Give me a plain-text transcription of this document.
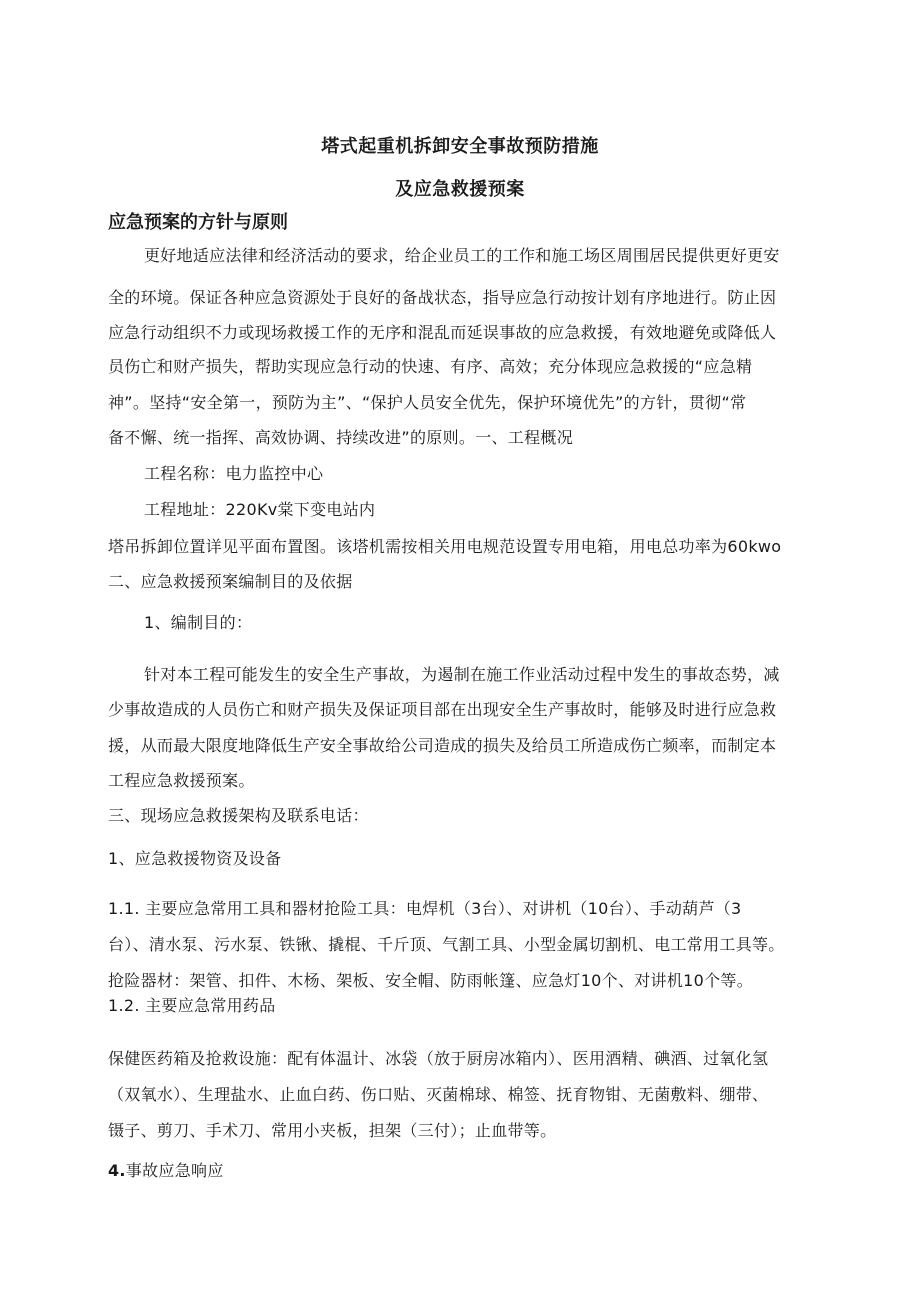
塔式起重机拆卸安全事故预防措施
及应急救援预案
应急预案的方针与原则
更好地适应法律和经济活动的要求，给企业员工的工作和施工场区周围居民提供更好更安
全的环境。保证各种应急资源处于良好的备战状态，指导应急行动按计划有序地进行。防止因
应急行动组织不力或现场救援工作的无序和混乱而延误事故的应急救援，有效地避免或降低人
员伤亡和财产损失，帮助实现应急行动的快速、有序、高效；充分体现应急救援的“应急精
神”。坚持“安全第一，预防为主”、“保护人员安全优先，保护环境优先”的方针，贯彻“常
备不懈、统一指挥、高效协调、持续改进”的原则。一、工程概况
工程名称：电力监控中心
工程地址：220Kv棠下变电站内
塔吊拆卸位置详见平面布置图。该塔机需按相关用电规范设置专用电箱，用电总功率为60kwo
二、应急救援预案编制目的及依据
1、编制目的：
针对本工程可能发生的安全生产事故，为遏制在施工作业活动过程中发生的事故态势，减
少事故造成的人员伤亡和财产损失及保证项目部在出现安全生产事故时，能够及时进行应急救
援，从而最大限度地降低生产安全事故给公司造成的损失及给员工所造成伤亡频率，而制定本
工程应急救援预案。
三、现场应急救援架构及联系电话：
1、应急救援物资及设备
1.1. 主要应急常用工具和器材抢险工具：电焊机（3台）、对讲机（10台）、手动葫芦（3
台）、清水泵、污水泵、铁锹、撬棍、千斤顶、气割工具、小型金属切割机、电工常用工具等。
抢险器材：架管、扣件、木杨、架板、安全帽、防雨帐篷、应急灯10个、对讲机10个等。
1.2. 主要应急常用药品
保健医药箱及抢救设施：配有体温计、冰袋（放于厨房冰箱内）、医用酒精、碘酒、过氧化氢
（双氧水）、生理盐水、止血白药、伤口贴、灭菌棉球、棉签、抚育物钳、无菌敷料、绷带、
镊子、剪刀、手术刀、常用小夹板，担架（三付）；止血带等。
4.事故应急响应
